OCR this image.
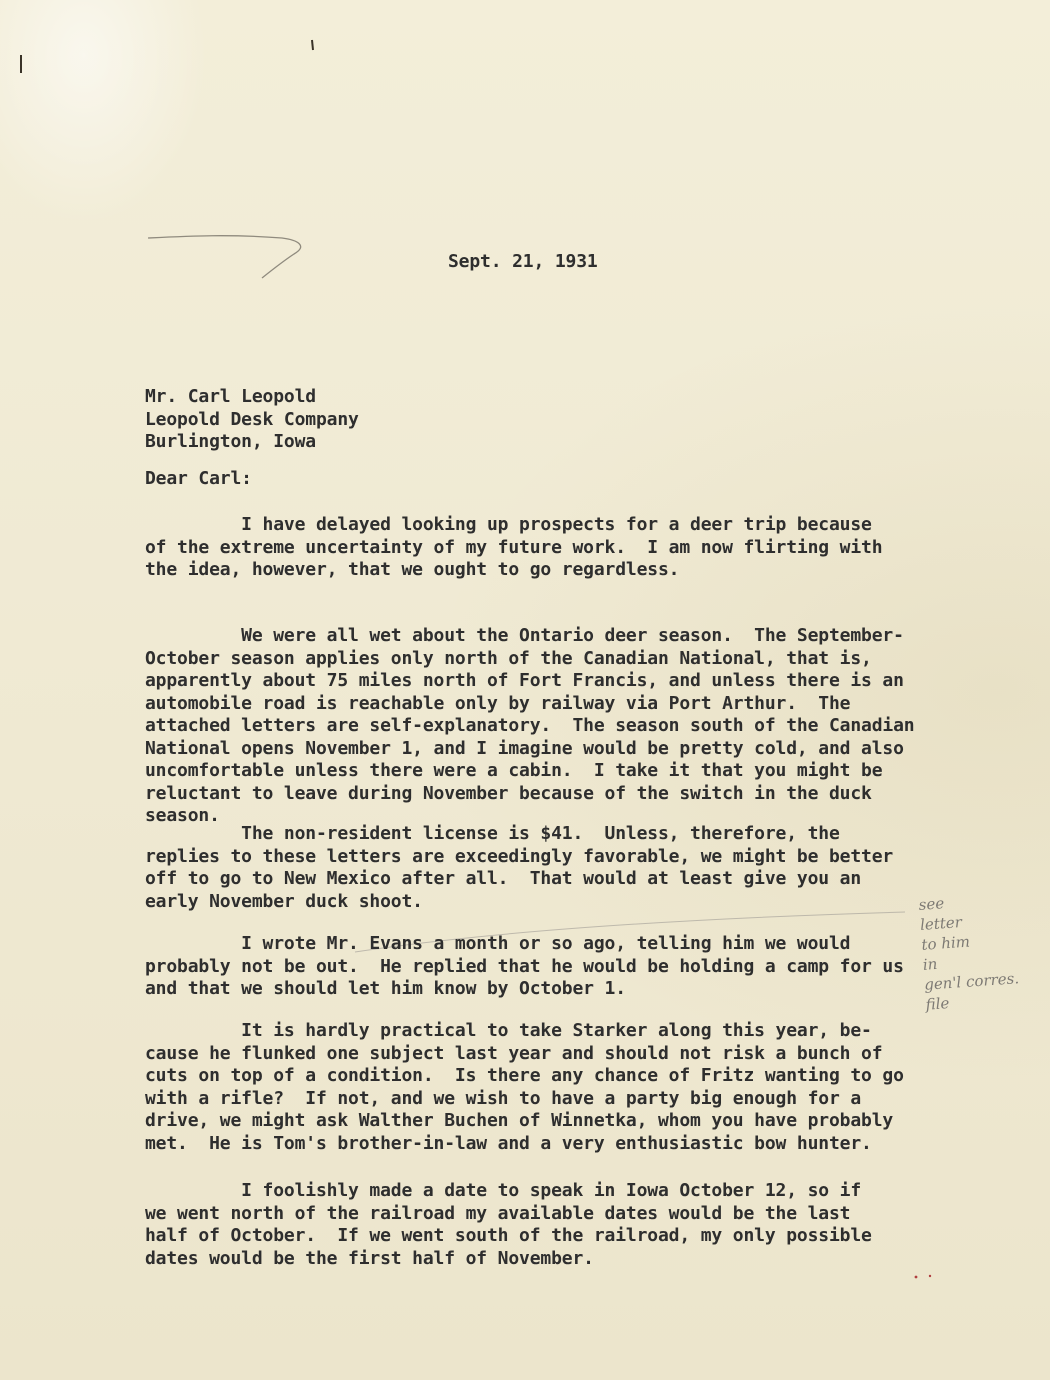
Sept. 21, 1931

Mr. Carl Leopold
Leopold Desk Company
Burlington, Iowa

Dear Carl:

I have delayed looking up prospects for a deer trip because
of the extreme uncertainty of my future work.  I am now flirting with
the idea, however, that we ought to go regardless.

We were all wet about the Ontario deer season.  The September-
October season applies only north of the Canadian National, that is,
apparently about 75 miles north of Fort Francis, and unless there is an
automobile road is reachable only by railway via Port Arthur.  The
attached letters are self-explanatory.  The season south of the Canadian
National opens November 1, and I imagine would be pretty cold, and also
uncomfortable unless there were a cabin.  I take it that you might be
reluctant to leave during November because of the switch in the duck
season.

The non-resident license is $41.  Unless, therefore, the
replies to these letters are exceedingly favorable, we might be better
off to go to New Mexico after all.  That would at least give you an
early November duck shoot.

I wrote Mr. Evans a month or so ago, telling him we would
probably not be out.  He replied that he would be holding a camp for us
and that we should let him know by October 1.

It is hardly practical to take Starker along this year, be-
cause he flunked one subject last year and should not risk a bunch of
cuts on top of a condition.  Is there any chance of Fritz wanting to go
with a rifle?  If not, and we wish to have a party big enough for a
drive, we might ask Walther Buchen of Winnetka, whom you have probably
met.  He is Tom's brother-in-law and a very enthusiastic bow hunter.

I foolishly made a date to speak in Iowa October 12, so if
we went north of the railroad my available dates would be the last
half of October.  If we went south of the railroad, my only possible
dates would be the first half of November.

see
letter
to him
in
gen'l corres.
file
